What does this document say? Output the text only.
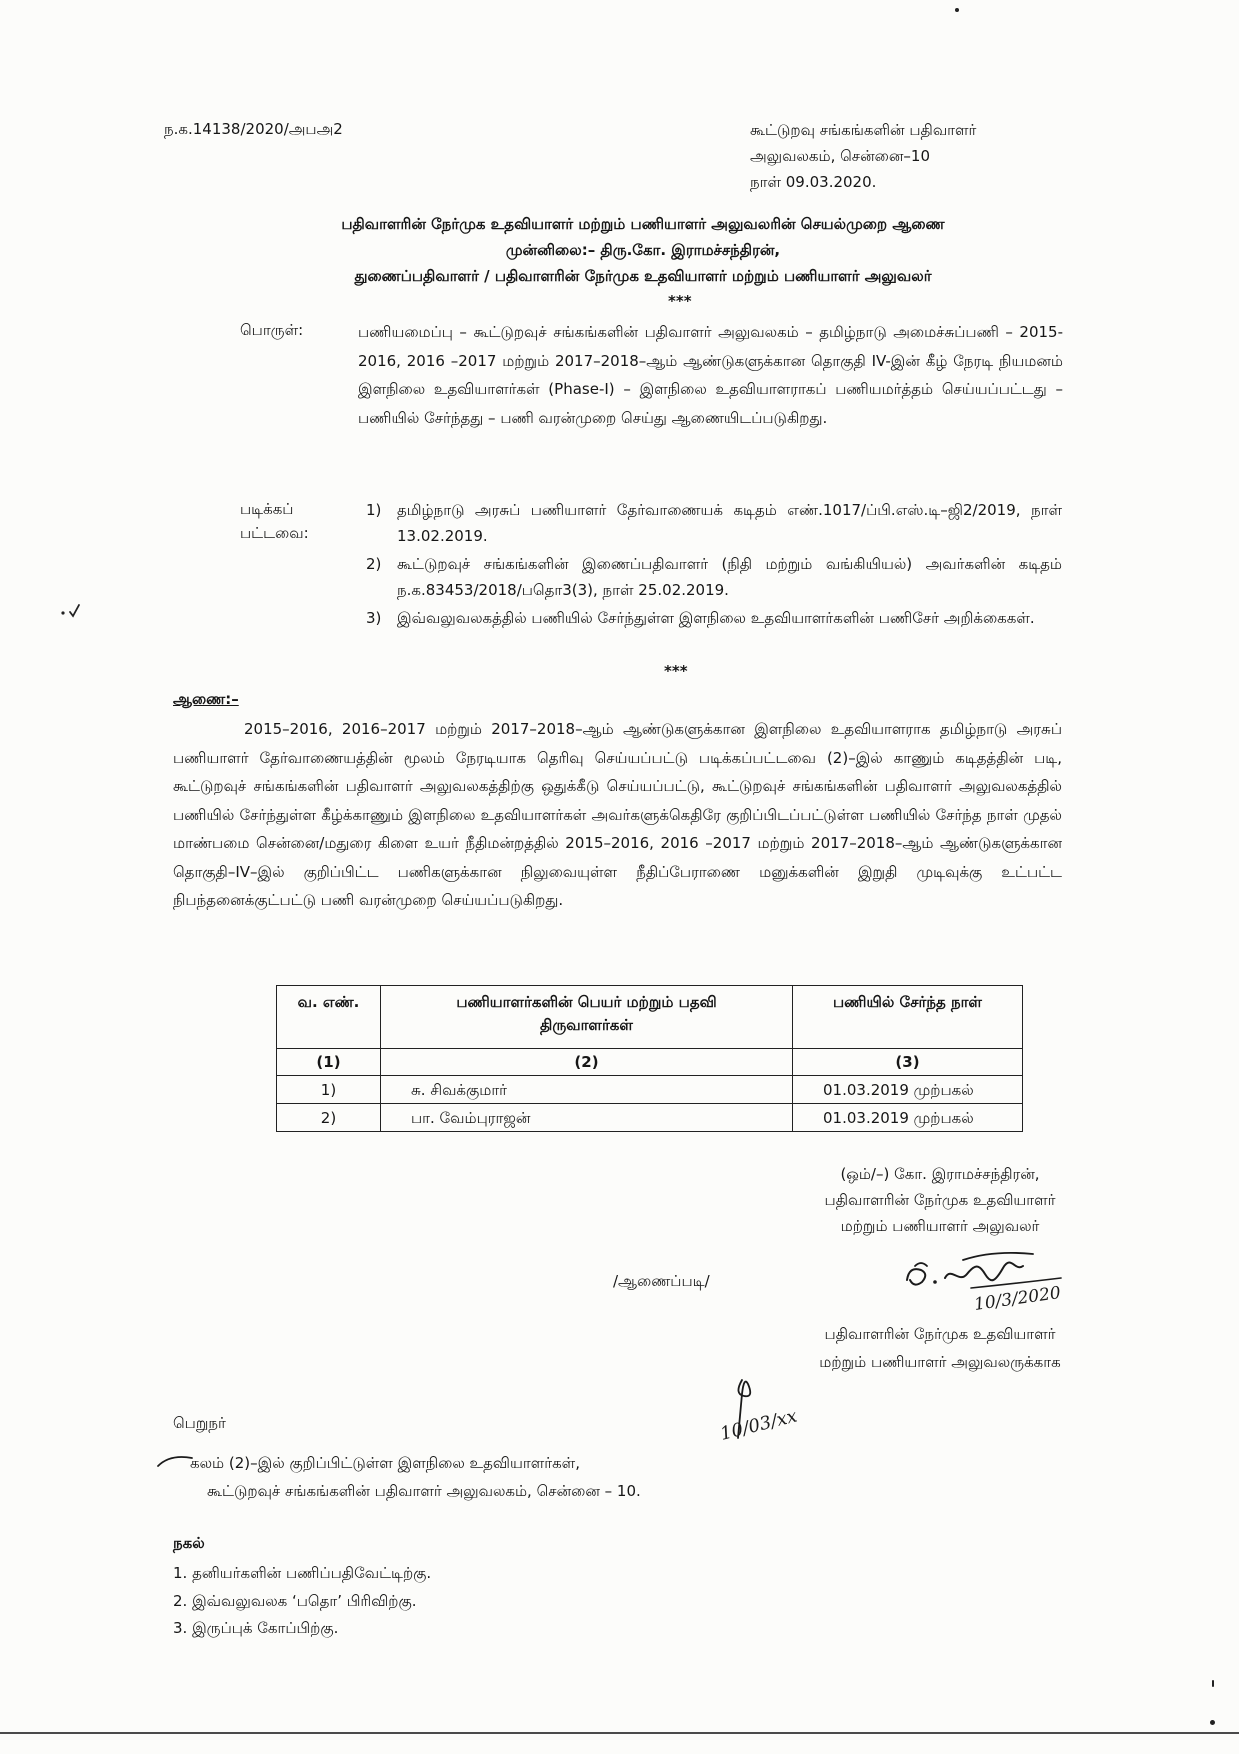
ந.க.14138/2020/அபஅ2	கூட்டுறவு சங்கங்களின் பதிவாளர்
அலுவலகம், சென்னை–10
நாள் 09.03.2020.
பதிவாளரின் நேர்முக உதவியாளர் மற்றும் பணியாளர் அலுவலரின் செயல்முறை ஆணை
முன்னிலை:– திரு.கோ. இராமச்சந்திரன்,
துணைப்பதிவாளர் / பதிவாளரின் நேர்முக உதவியாளர் மற்றும் பணியாளர் அலுவலர்
***
பொருள்:	பணியமைப்பு – கூட்டுறவுச் சங்கங்களின் பதிவாளர் அலுவலகம் – தமிழ்நாடு அமைச்சுப்பணி – 2015-2016, 2016 –2017 மற்றும் 2017–2018–ஆம் ஆண்டுகளுக்கான தொகுதி IV-இன் கீழ் நேரடி நியமனம் இளநிலை உதவியாளர்கள் (Phase-I) – இளநிலை உதவியாளராகப் பணியமர்த்தம் செய்யப்பட்டது – பணியில் சேர்ந்தது – பணி வரன்முறை செய்து ஆணையிடப்படுகிறது.
படிக்கப்
பட்டவை:
1)	தமிழ்நாடு அரசுப் பணியாளர் தேர்வாணையக் கடிதம் எண்.1017/ப்பி.எஸ்.டி–ஜி2/2019, நாள் 13.02.2019.
2)	கூட்டுறவுச் சங்கங்களின் இணைப்பதிவாளர் (நிதி மற்றும் வங்கியியல்) அவர்களின் கடிதம் ந.க.83453/2018/பதொ3(3), நாள் 25.02.2019.
3)	இவ்வலுவலகத்தில் பணியில் சேர்ந்துள்ள இளநிலை உதவியாளர்களின் பணிசேர் அறிக்கைகள்.
***
ஆணை:–
2015–2016, 2016–2017 மற்றும் 2017–2018–ஆம் ஆண்டுகளுக்கான இளநிலை உதவியாளராக தமிழ்நாடு அரசுப் பணியாளர் தேர்வாணையத்தின் மூலம் நேரடியாக தெரிவு செய்யப்பட்டு படிக்கப்பட்டவை (2)–இல் காணும் கடிதத்தின் படி, கூட்டுறவுச் சங்கங்களின் பதிவாளர் அலுவலகத்திற்கு ஒதுக்கீடு செய்யப்பட்டு, கூட்டுறவுச் சங்கங்களின் பதிவாளர் அலுவலகத்தில் பணியில் சேர்ந்துள்ள கீழ்க்காணும் இளநிலை உதவியாளர்கள் அவர்களுக்கெதிரே குறிப்பிடப்பட்டுள்ள பணியில் சேர்ந்த நாள் முதல் மாண்பமை சென்னை/மதுரை கிளை உயர் நீதிமன்றத்தில் 2015–2016, 2016 –2017 மற்றும் 2017–2018–ஆம் ஆண்டுகளுக்கான தொகுதி–IV–இல் குறிப்பிட்ட பணிகளுக்கான நிலுவையுள்ள நீதிப்பேராணை மனுக்களின் இறுதி முடிவுக்கு உட்பட்ட நிபந்தனைக்குட்பட்டு பணி வரன்முறை செய்யப்படுகிறது.
வ. எண்.	பணியாளர்களின் பெயர் மற்றும் பதவி திருவாளர்கள்	பணியில் சேர்ந்த நாள்
(1)	(2)	(3)
1)	சு. சிவக்குமார்	01.03.2019 முற்பகல்
2)	பா. வேம்புராஜன்	01.03.2019 முற்பகல்
(ஒம்/–) கோ. இராமச்சந்திரன்,
பதிவாளரின் நேர்முக உதவியாளர்
மற்றும் பணியாளர் அலுவலர்
/ஆணைப்படி/
10/3/2020
பதிவாளரின் நேர்முக உதவியாளர்
மற்றும் பணியாளர் அலுவலருக்காக
10/03/xx
பெறுநர்
கலம் (2)–இல் குறிப்பிட்டுள்ள இளநிலை உதவியாளர்கள்,
கூட்டுறவுச் சங்கங்களின் பதிவாளர் அலுவலகம், சென்னை – 10.
நகல்
1. தனியர்களின் பணிப்பதிவேட்டிற்கு.
2. இவ்வலுவலக ‘பதொ’ பிரிவிற்கு.
3. இருப்புக் கோப்பிற்கு.
